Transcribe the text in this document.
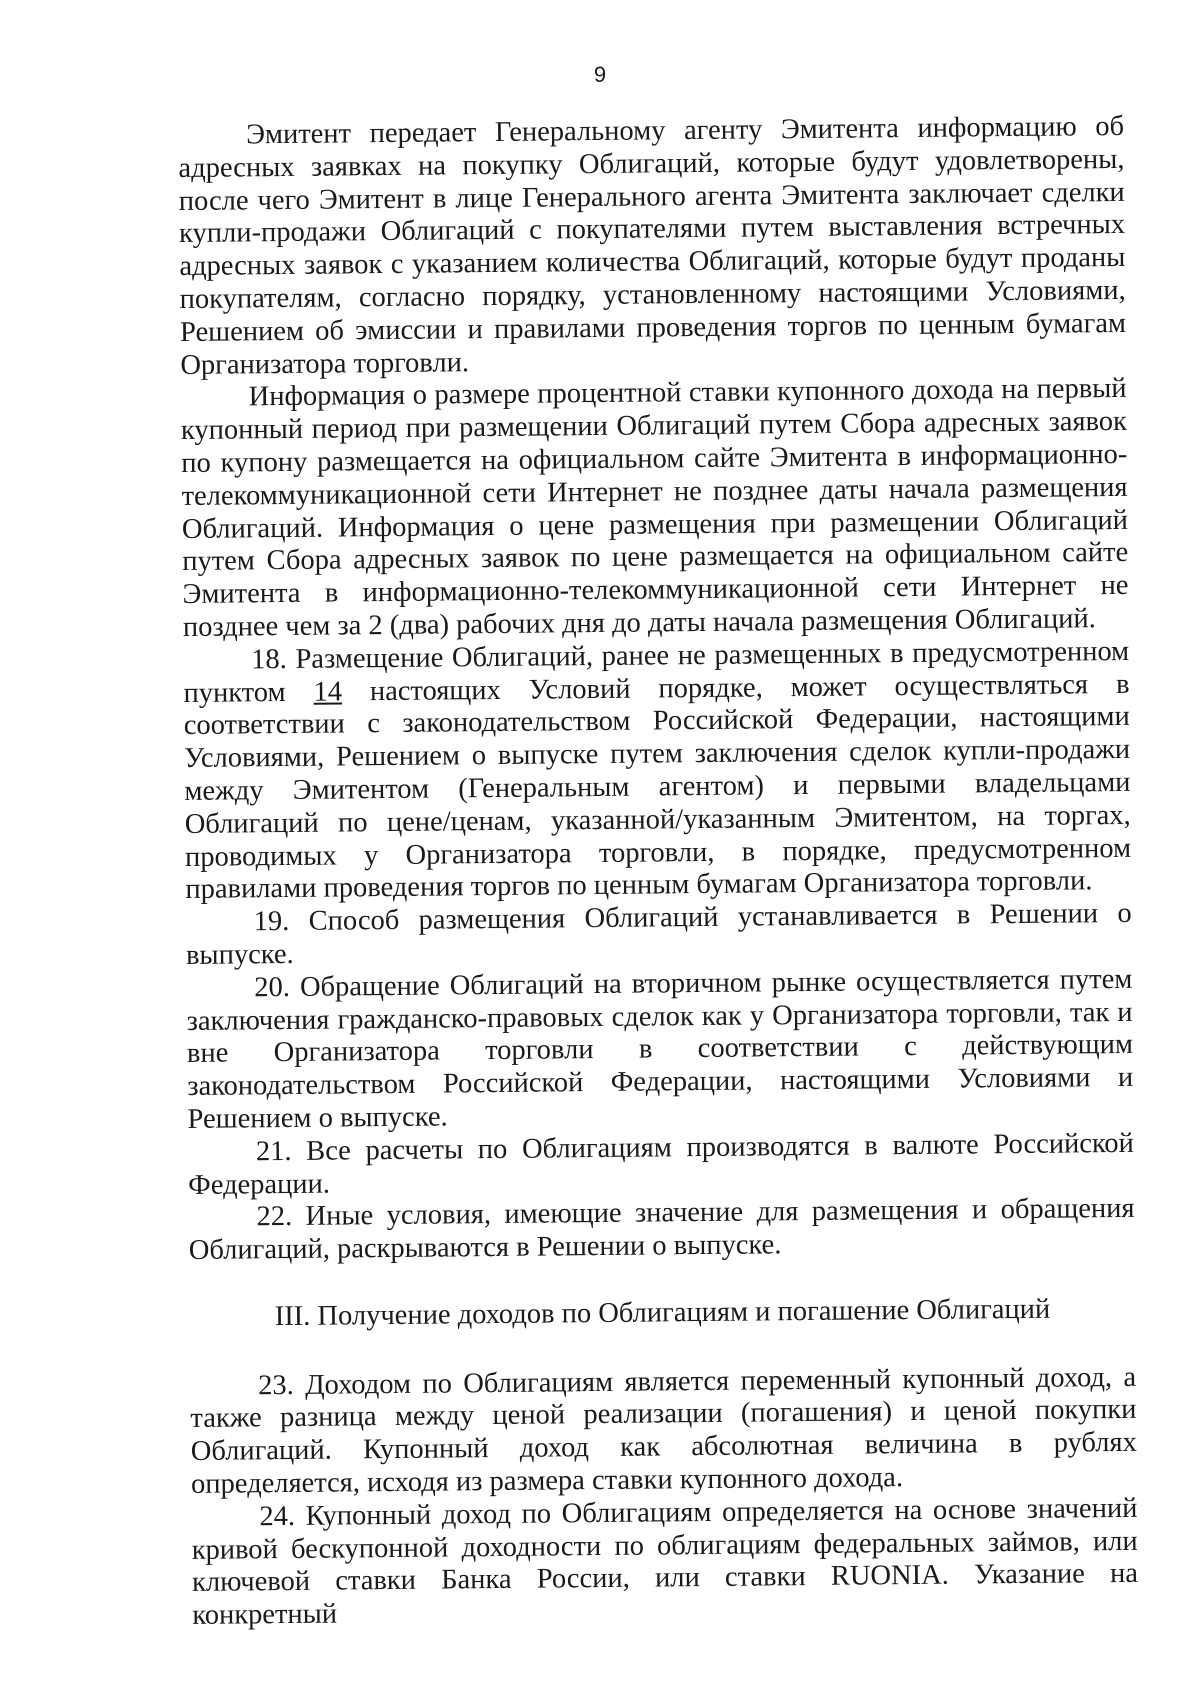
9

Эмитент передает Генеральному агенту Эмитента информацию об адресных заявках на покупку Облигаций, которые будут удовлетворены, после чего Эмитент в лице Генерального агента Эмитента заключает сделки купли-продажи Облигаций с покупателями путем выставления встречных адресных заявок с указанием количества Облигаций, которые будут проданы покупателям, согласно порядку, установленному настоящими Условиями, Решением об эмиссии и правилами проведения торгов по ценным бумагам Организатора торговли.

Информация о размере процентной ставки купонного дохода на первый купонный период при размещении Облигаций путем Сбора адресных заявок по купону размещается на официальном сайте Эмитента в информационно-телекоммуникационной сети Интернет не позднее даты начала размещения Облигаций. Информация о цене размещения при размещении Облигаций путем Сбора адресных заявок по цене размещается на официальном сайте Эмитента в информационно-телекоммуникационной сети Интернет не позднее чем за 2 (два) рабочих дня до даты начала размещения Облигаций.

18. Размещение Облигаций, ранее не размещенных в предусмотренном пунктом 14 настоящих Условий порядке, может осуществляться в соответствии с законодательством Российской Федерации, настоящими Условиями, Решением о выпуске путем заключения сделок купли-продажи между Эмитентом (Генеральным агентом) и первыми владельцами Облигаций по цене/ценам, указанной/указанным Эмитентом, на торгах, проводимых у Организатора торговли, в порядке, предусмотренном правилами проведения торгов по ценным бумагам Организатора торговли.

19. Способ размещения Облигаций устанавливается в Решении о выпуске.

20. Обращение Облигаций на вторичном рынке осуществляется путем заключения гражданско-правовых сделок как у Организатора торговли, так и вне Организатора торговли в соответствии с действующим законодательством Российской Федерации, настоящими Условиями и Решением о выпуске.

21. Все расчеты по Облигациям производятся в валюте Российской Федерации.

22. Иные условия, имеющие значение для размещения и обращения Облигаций, раскрываются в Решении о выпуске.

III. Получение доходов по Облигациям и погашение Облигаций

23. Доходом по Облигациям является переменный купонный доход, а также разница между ценой реализации (погашения) и ценой покупки Облигаций. Купонный доход как абсолютная величина в рублях определяется, исходя из размера ставки купонного дохода.

24. Купонный доход по Облигациям определяется на основе значений кривой бескупонной доходности по облигациям федеральных займов, или ключевой ставки Банка России, или ставки RUONIA. Указание на конкретный
